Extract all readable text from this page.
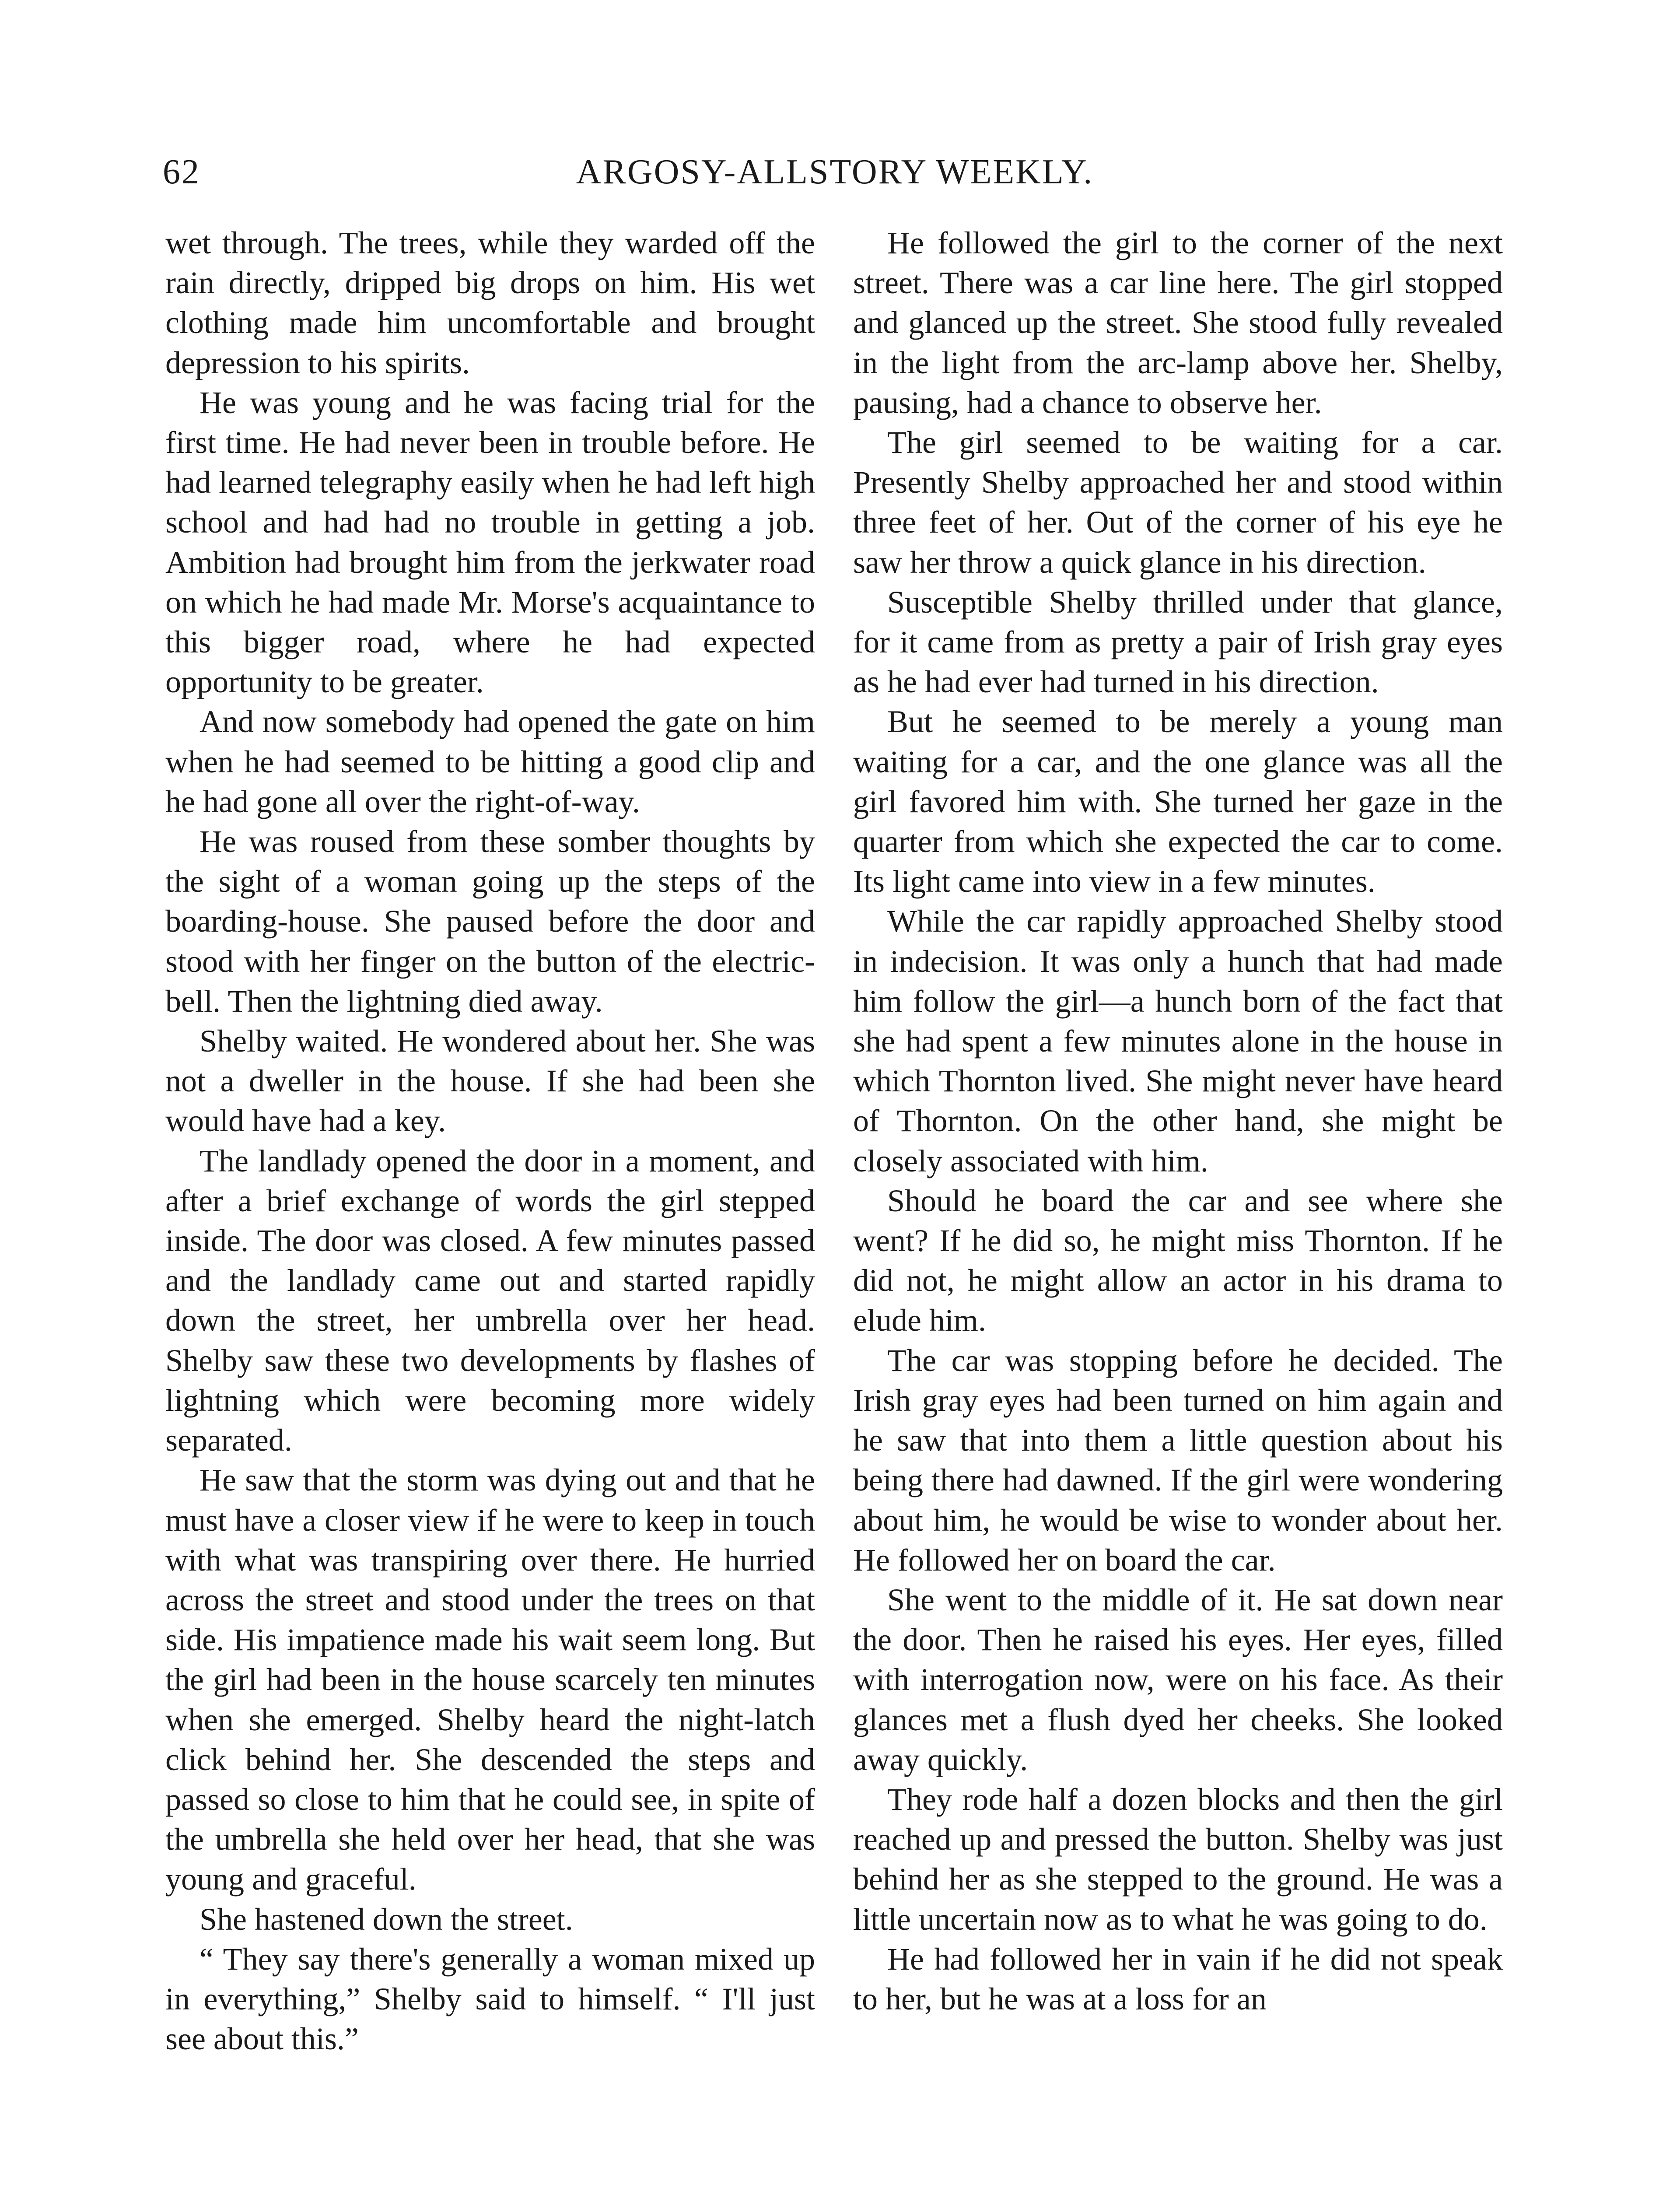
62	ARGOSY-ALLSTORY WEEKLY.

wet through. The trees, while they warded off the rain directly, dripped big drops on him. His wet clothing made him uncomfortable and brought depression to his spirits.

He was young and he was facing trial for the first time. He had never been in trouble before. He had learned telegraphy easily when he had left high school and had had no trouble in getting a job. Ambition had brought him from the jerkwater road on which he had made Mr. Morse's acquaintance to this bigger road, where he had expected opportunity to be greater.

And now somebody had opened the gate on him when he had seemed to be hitting a good clip and he had gone all over the right-of-way.

He was roused from these somber thoughts by the sight of a woman going up the steps of the boarding-house. She paused before the door and stood with her finger on the button of the electric-bell. Then the lightning died away.

Shelby waited. He wondered about her. She was not a dweller in the house. If she had been she would have had a key.

The landlady opened the door in a moment, and after a brief exchange of words the girl stepped inside. The door was closed. A few minutes passed and the landlady came out and started rapidly down the street, her umbrella over her head. Shelby saw these two developments by flashes of lightning which were becoming more widely separated.

He saw that the storm was dying out and that he must have a closer view if he were to keep in touch with what was transpiring over there. He hurried across the street and stood under the trees on that side. His impatience made his wait seem long. But the girl had been in the house scarcely ten minutes when she emerged. Shelby heard the night-latch click behind her. She descended the steps and passed so close to him that he could see, in spite of the umbrella she held over her head, that she was young and graceful.

She hastened down the street.

“ They say there's generally a woman mixed up in everything,” Shelby said to himself. “ I'll just see about this.”

He followed the girl to the corner of the next street. There was a car line here. The girl stopped and glanced up the street. She stood fully revealed in the light from the arc-lamp above her. Shelby, pausing, had a chance to observe her.

The girl seemed to be waiting for a car. Presently Shelby approached her and stood within three feet of her. Out of the corner of his eye he saw her throw a quick glance in his direction.

Susceptible Shelby thrilled under that glance, for it came from as pretty a pair of Irish gray eyes as he had ever had turned in his direction.

But he seemed to be merely a young man waiting for a car, and the one glance was all the girl favored him with. She turned her gaze in the quarter from which she expected the car to come. Its light came into view in a few minutes.

While the car rapidly approached Shelby stood in indecision. It was only a hunch that had made him follow the girl—a hunch born of the fact that she had spent a few minutes alone in the house in which Thornton lived. She might never have heard of Thornton. On the other hand, she might be closely associated with him.

Should he board the car and see where she went? If he did so, he might miss Thornton. If he did not, he might allow an actor in his drama to elude him.

The car was stopping before he decided. The Irish gray eyes had been turned on him again and he saw that into them a little question about his being there had dawned. If the girl were wondering about him, he would be wise to wonder about her. He followed her on board the car.

She went to the middle of it. He sat down near the door. Then he raised his eyes. Her eyes, filled with interrogation now, were on his face. As their glances met a flush dyed her cheeks. She looked away quickly.

They rode half a dozen blocks and then the girl reached up and pressed the button. Shelby was just behind her as she stepped to the ground. He was a little uncertain now as to what he was going to do.

He had followed her in vain if he did not speak to her, but he was at a loss for an
